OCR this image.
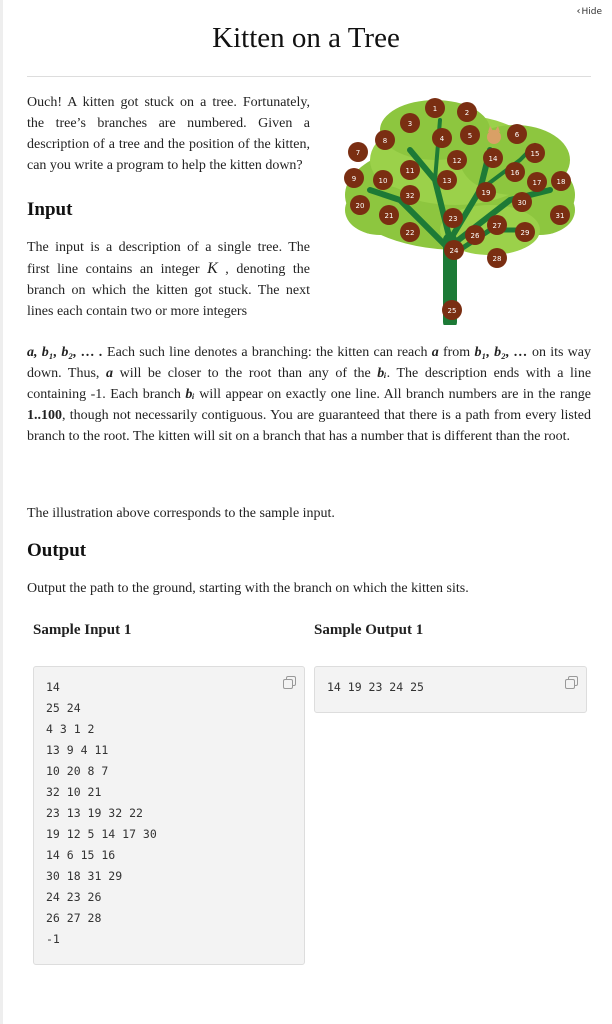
‹Hide
Kitten on a Tree
1	2
3
4	5	6
7
8
9	10
11
12
13
14
15
16
17 18
19
20
21
22
23
24
25
26
27
28
29
30
31
32

Ouch! A kitten got stuck on a tree. Fortunately, the tree’s branches are numbered. Given a description of a tree and the position of the kitten, can you write a program to help the kitten down?

Input

The input is a description of a single tree. The first line contains an integer K , denoting the branch on which the kitten got stuck. The next lines each contain two or more integers

a, b₁, b₂, … . Each such line denotes a branching: the kitten can reach a from b₁, b₂, … on its way down. Thus, a will be closer to the root than any of the bᵢ. The description ends with a line containing -1. Each branch bᵢ will appear on exactly one line. All branch numbers are in the range 1..100, though not necessarily contiguous. You are guaranteed that there is a path from every listed branch to the root. The kitten will sit on a branch that has a number that is different than the root.

The illustration above corresponds to the sample input.

Output

Output the path to the ground, starting with the branch on which the kitten sits.

Sample Input 1	Sample Output 1
14
25 24
4 3 1 2
13 9 4 11
10 20 8 7
32 10 21
23 13 19 32 22
19 12 5 14 17 30
14 6 15 16
30 18 31 29
24 23 26
26 27 28
-1
14 19 23 24 25
